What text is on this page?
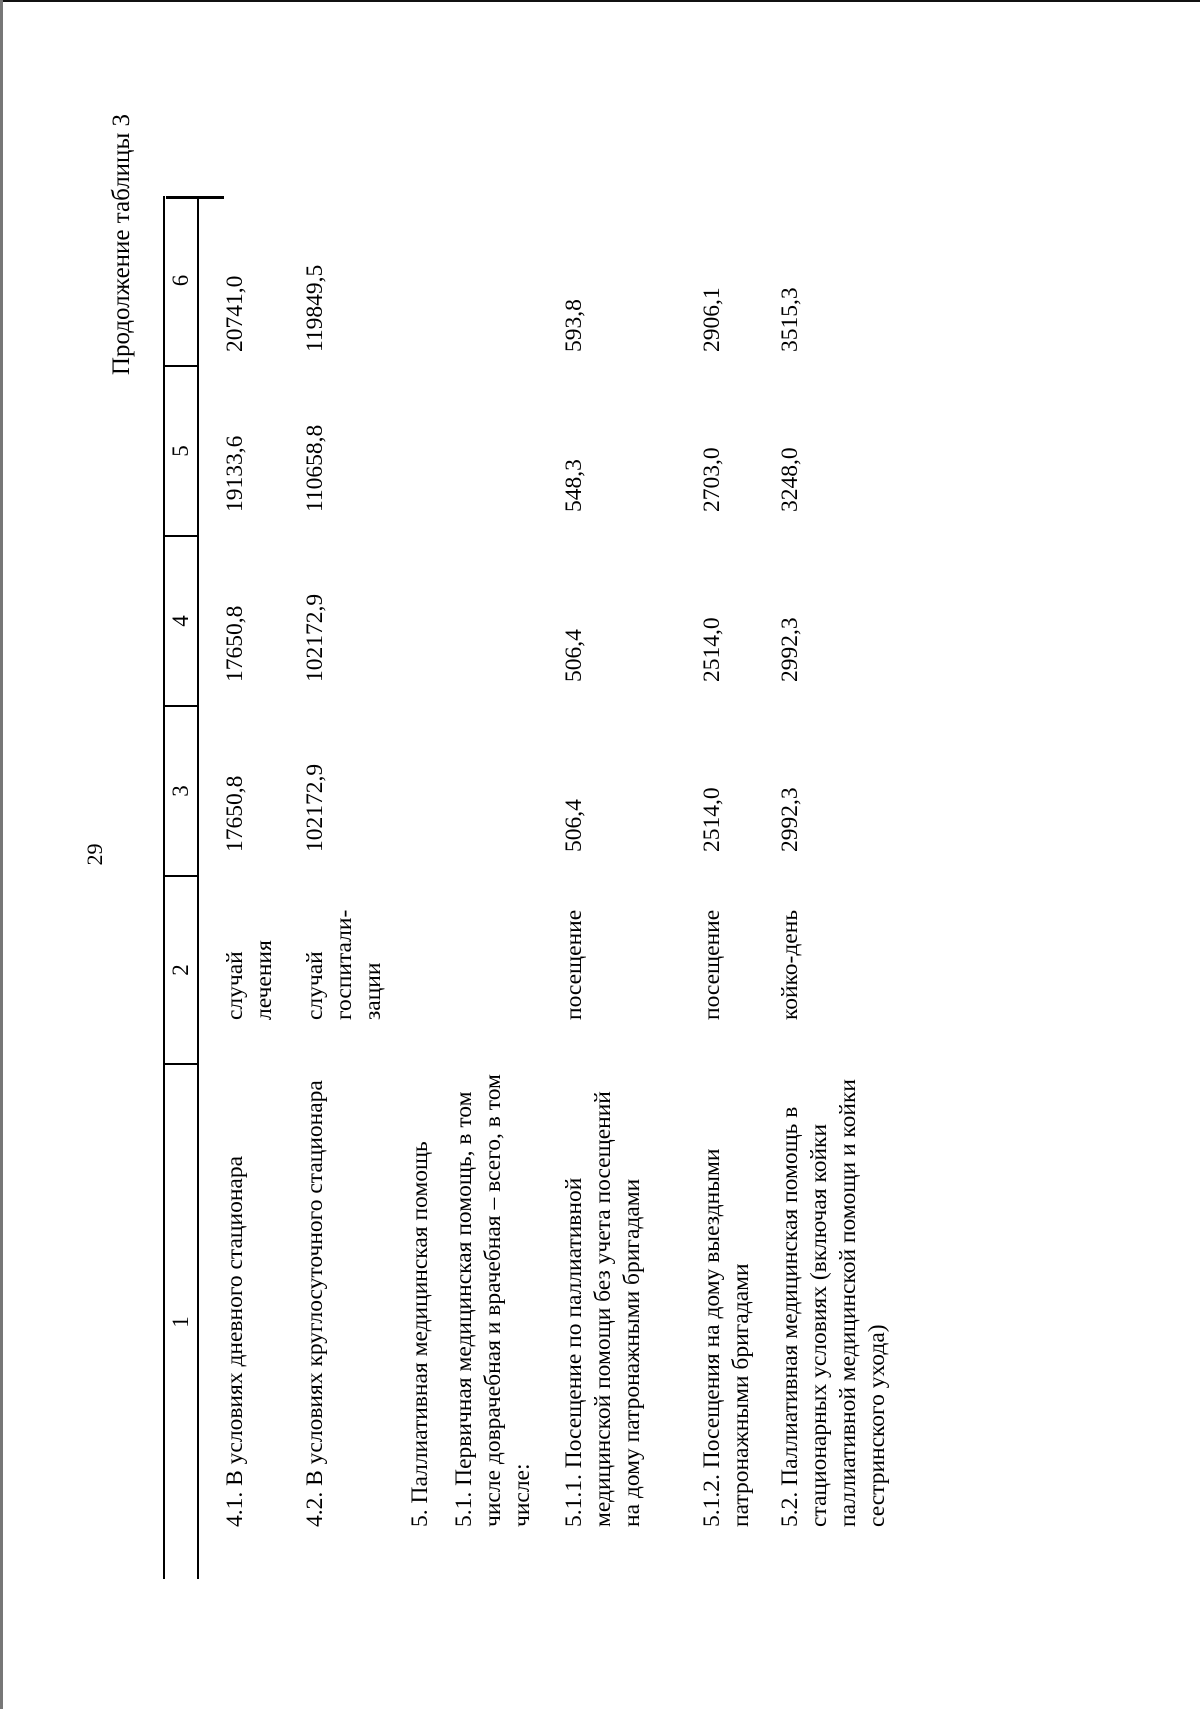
29
Продолжение таблицы 3
1	2	3	4	5	6
4.1. В условиях дневного стационара	случай лечения	17650,8	17650,8	19133,6	20741,0
4.2. В условиях круглосуточного стационара	случай госпитали-зации	102172,9	102172,9	110658,8	119849,5
5. Паллиативная медицинская помощь					
5.1. Первичная медицинская помощь, в том числе доврачебная и врачебная – всего, в том числе:					
5.1.1. Посещение по паллиативной медицинской помощи без учета посещений на дому патронажными бригадами	посещение	506,4	506,4	548,3	593,8
5.1.2. Посещения на дому выездными патронажными бригадами	посещение	2514,0	2514,0	2703,0	2906,1
5.2. Паллиативная медицинская помощь в стационарных условиях (включая койки паллиативной медицинской помощи и койки сестринского ухода)	койко-день	2992,3	2992,3	3248,0	3515,3
